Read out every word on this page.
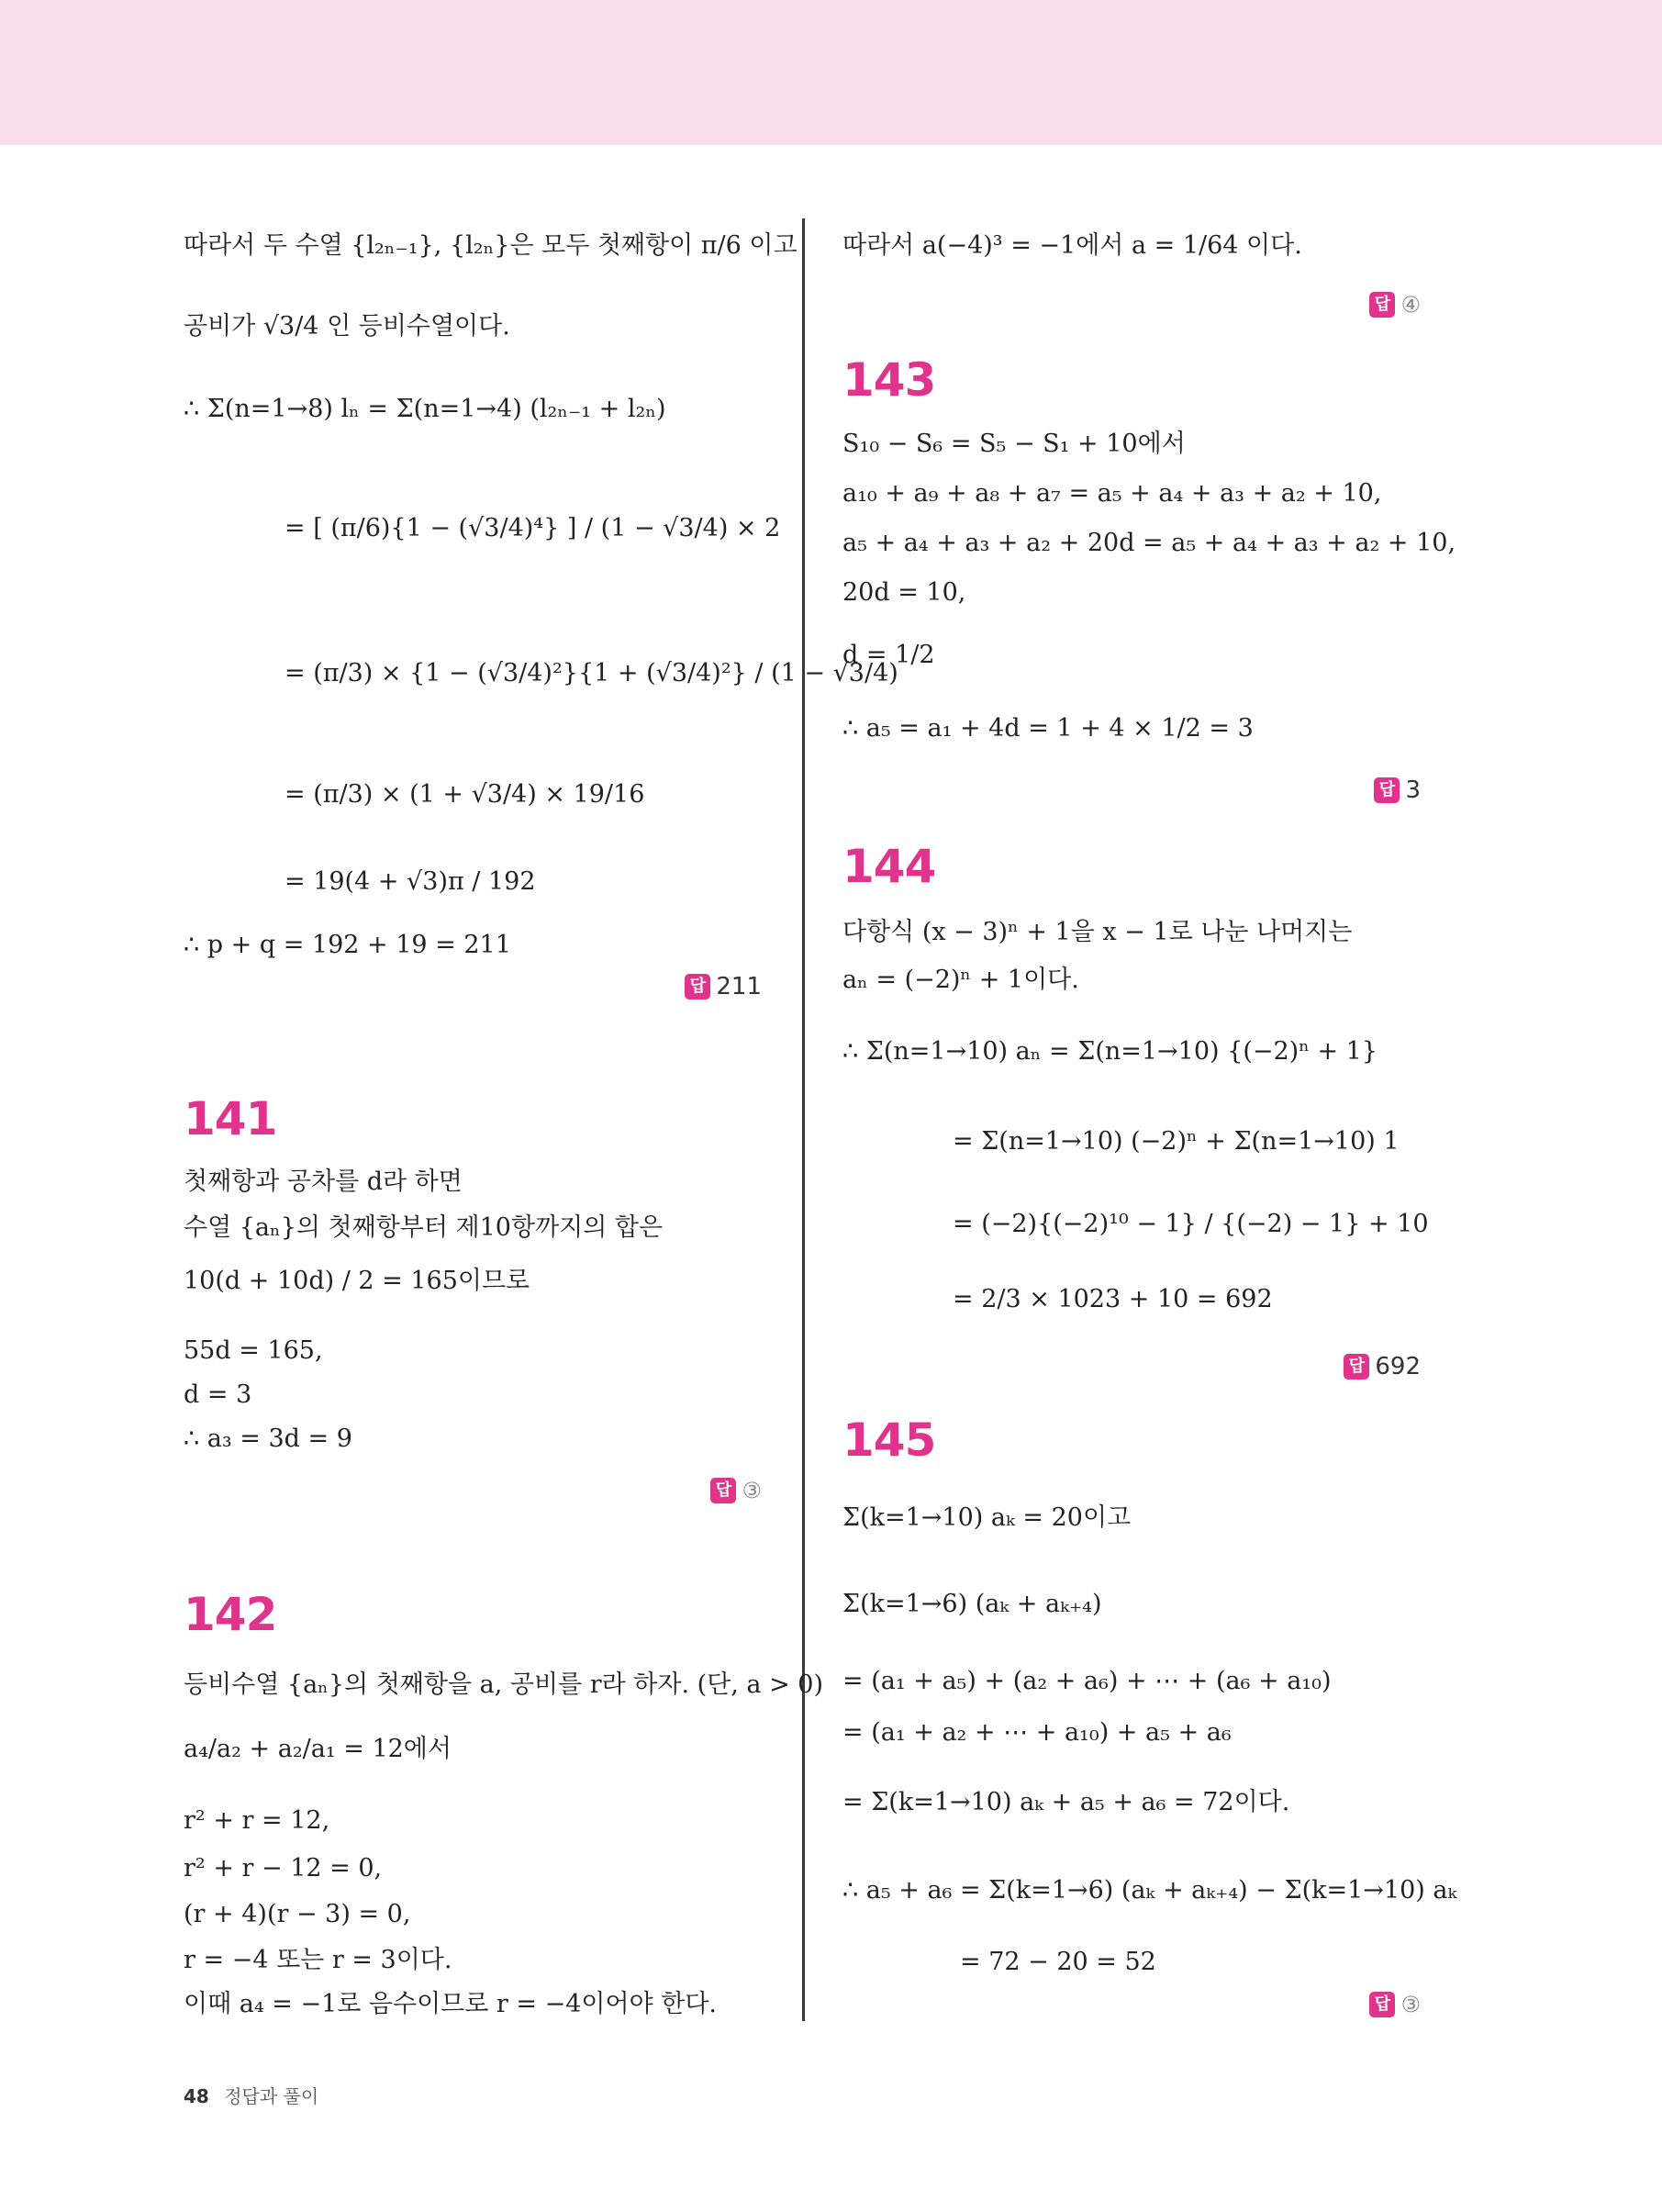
따라서 두 수열 {l₂ₙ₋₁}, {l₂ₙ}은 모두 첫째항이 π/6 이고
공비가 √3/4 인 등비수열이다.
∴ Σ(n=1→8) lₙ = Σ(n=1→4) (l₂ₙ₋₁ + l₂ₙ)
= [ (π/6){1 − (√3/4)⁴} ] / (1 − √3/4) × 2
= (π/3) × {1 − (√3/4)²}{1 + (√3/4)²} / (1 − √3/4)
= (π/3) × (1 + √3/4) × 19/16
= 19(4 + √3)π / 192
∴ p + q = 192 + 19 = 211
답 211
141
첫째항과 공차를 d라 하면
수열 {aₙ}의 첫째항부터 제10항까지의 합은
10(d + 10d) / 2 = 165이므로
55d = 165,
d = 3
∴ a₃ = 3d = 9
답 ③
142
등비수열 {aₙ}의 첫째항을 a, 공비를 r라 하자. (단, a > 0)
a₄/a₂ + a₂/a₁ = 12에서
r² + r = 12,
r² + r − 12 = 0,
(r + 4)(r − 3) = 0,
r = −4 또는 r = 3이다.
이때 a₄ = −1로 음수이므로 r = −4이어야 한다.
따라서 a(−4)³ = −1에서 a = 1/64 이다.
답 ④
143
S₁₀ − S₆ = S₅ − S₁ + 10에서
a₁₀ + a₉ + a₈ + a₇ = a₅ + a₄ + a₃ + a₂ + 10,
a₅ + a₄ + a₃ + a₂ + 20d = a₅ + a₄ + a₃ + a₂ + 10,
20d = 10,
d = 1/2
∴ a₅ = a₁ + 4d = 1 + 4 × 1/2 = 3
답 3
144
다항식 (x − 3)ⁿ + 1을 x − 1로 나눈 나머지는
aₙ = (−2)ⁿ + 1이다.
∴ Σ(n=1→10) aₙ = Σ(n=1→10) {(−2)ⁿ + 1}
= Σ(n=1→10) (−2)ⁿ + Σ(n=1→10) 1
= (−2){(−2)¹⁰ − 1} / {(−2) − 1} + 10
= 2/3 × 1023 + 10 = 692
답 692
145
Σ(k=1→10) aₖ = 20이고
Σ(k=1→6) (aₖ + aₖ₊₄)
= (a₁ + a₅) + (a₂ + a₆) + ⋯ + (a₆ + a₁₀)
= (a₁ + a₂ + ⋯ + a₁₀) + a₅ + a₆
= Σ(k=1→10) aₖ + a₅ + a₆ = 72이다.
∴ a₅ + a₆ = Σ(k=1→6) (aₖ + aₖ₊₄) − Σ(k=1→10) aₖ
= 72 − 20 = 52
답 ③
48 정답과 풀이
